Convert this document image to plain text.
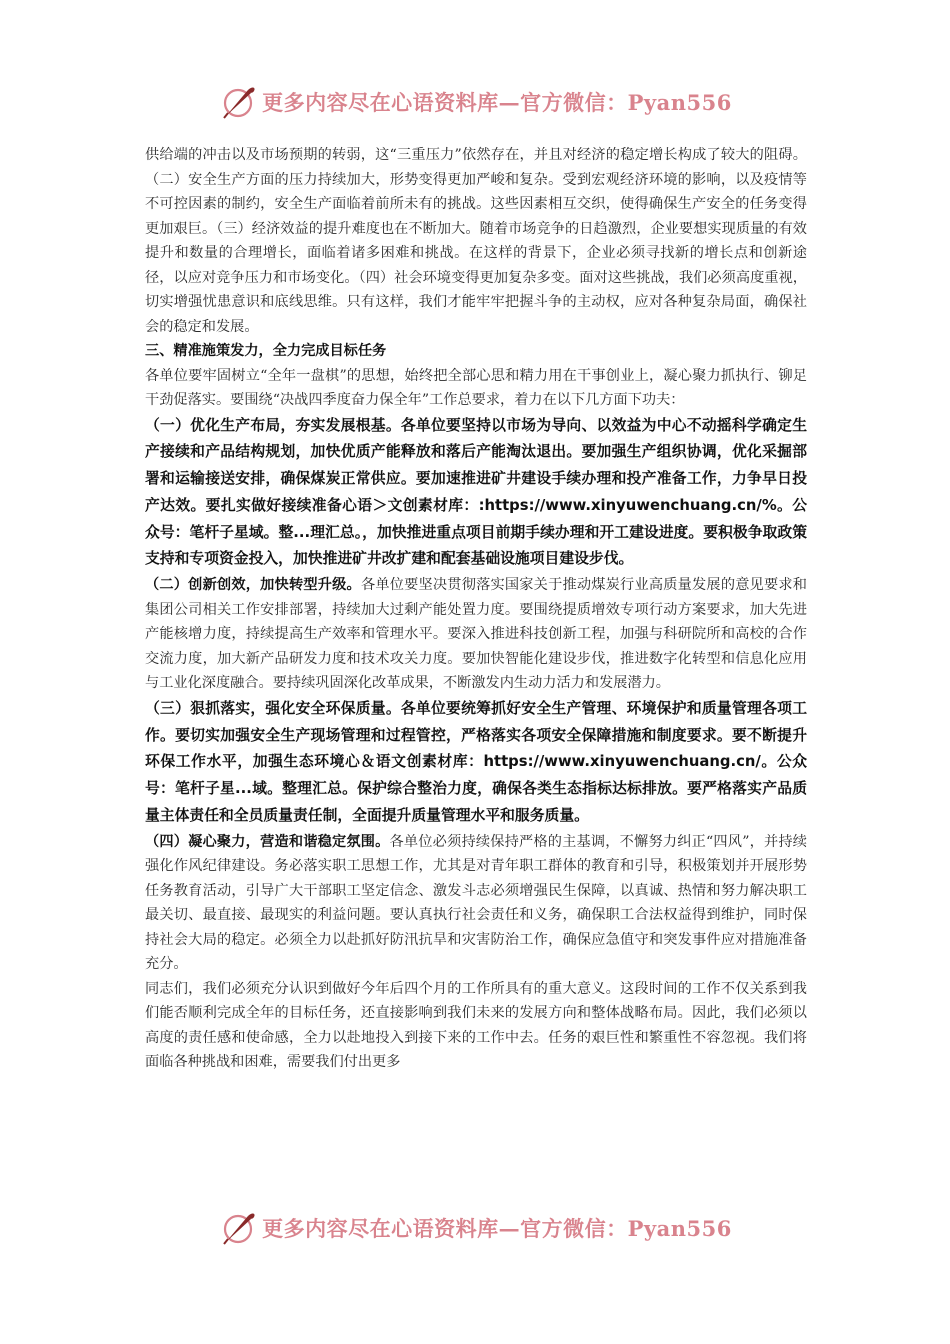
更多内容尽在心语资料库—官方微信：Pyan556

供给端的冲击以及市场预期的转弱，这“三重压力”依然存在，并且对经济的稳定增长构成了较大的阻碍。（二）安全生产方面的压力持续加大，形势变得更加严峻和复杂。受到宏观经济环境的影响，以及疫情等不可控因素的制约，安全生产面临着前所未有的挑战。这些因素相互交织，使得确保生产安全的任务变得更加艰巨。（三）经济效益的提升难度也在不断加大。随着市场竞争的日趋激烈，企业要想实现质量的有效提升和数量的合理增长，面临着诸多困难和挑战。在这样的背景下，企业必须寻找新的增长点和创新途径，以应对竞争压力和市场变化。（四）社会环境变得更加复杂多变。面对这些挑战，我们必须高度重视，切实增强忧患意识和底线思维。只有这样，我们才能牢牢把握斗争的主动权，应对各种复杂局面，确保社会的稳定和发展。

三、精准施策发力，全力完成目标任务

各单位要牢固树立“全年一盘棋”的思想，始终把全部心思和精力用在干事创业上，凝心聚力抓执行、铆足干劲促落实。要围绕“决战四季度奋力保全年”工作总要求，着力在以下几方面下功夫：

（一）优化生产布局，夯实发展根基。各单位要坚持以市场为导向、以效益为中心不动摇科学确定生产接续和产品结构规划，加快优质产能释放和落后产能淘汰退出。要加强生产组织协调，优化采掘部署和运输接送安排，确保煤炭正常供应。要加速推进矿井建设手续办理和投产准备工作，力争早日投产达效。要扎实做好接续准备心语＞文创素材库：:https://www.xinyuwenchuang.cn/%。公众号：笔杆子星域。整...理汇总。，加快推进重点项目前期手续办理和开工建设进度。要积极争取政策支持和专项资金投入，加快推进矿井改扩建和配套基础设施项目建设步伐。

（二）创新创效，加快转型升级。各单位要坚决贯彻落实国家关于推动煤炭行业高质量发展的意见要求和集团公司相关工作安排部署，持续加大过剩产能处置力度。要围绕提质增效专项行动方案要求，加大先进产能核增力度，持续提高生产效率和管理水平。要深入推进科技创新工程，加强与科研院所和高校的合作交流力度，加大新产品研发力度和技术攻关力度。要加快智能化建设步伐，推进数字化转型和信息化应用与工业化深度融合。要持续巩固深化改革成果，不断激发内生动力活力和发展潜力。

（三）狠抓落实，强化安全环保质量。各单位要统筹抓好安全生产管理、环境保护和质量管理各项工作。要切实加强安全生产现场管理和过程管控，严格落实各项安全保障措施和制度要求。要不断提升环保工作水平，加强生态环境心＆语文创素材库：https://www.xinyuwenchuang.cn/。公众号：笔杆子星...域。整理汇总。保护综合整治力度，确保各类生态指标达标排放。要严格落实产品质量主体责任和全员质量责任制，全面提升质量管理水平和服务质量。

（四）凝心聚力，营造和谐稳定氛围。各单位必须持续保持严格的主基调，不懈努力纠正“四风”，并持续强化作风纪律建设。务必落实职工思想工作，尤其是对青年职工群体的教育和引导，积极策划并开展形势任务教育活动，引导广大干部职工坚定信念、激发斗志必须增强民生保障，以真诚、热情和努力解决职工最关切、最直接、最现实的利益问题。要认真执行社会责任和义务，确保职工合法权益得到维护，同时保持社会大局的稳定。必须全力以赴抓好防汛抗旱和灾害防治工作，确保应急值守和突发事件应对措施准备充分。

同志们，我们必须充分认识到做好今年后四个月的工作所具有的重大意义。这段时间的工作不仅关系到我们能否顺利完成全年的目标任务，还直接影响到我们未来的发展方向和整体战略布局。因此，我们必须以高度的责任感和使命感，全力以赴地投入到接下来的工作中去。任务的艰巨性和繁重性不容忽视。我们将面临各种挑战和困难，需要我们付出更多

更多内容尽在心语资料库—官方微信：Pyan556
